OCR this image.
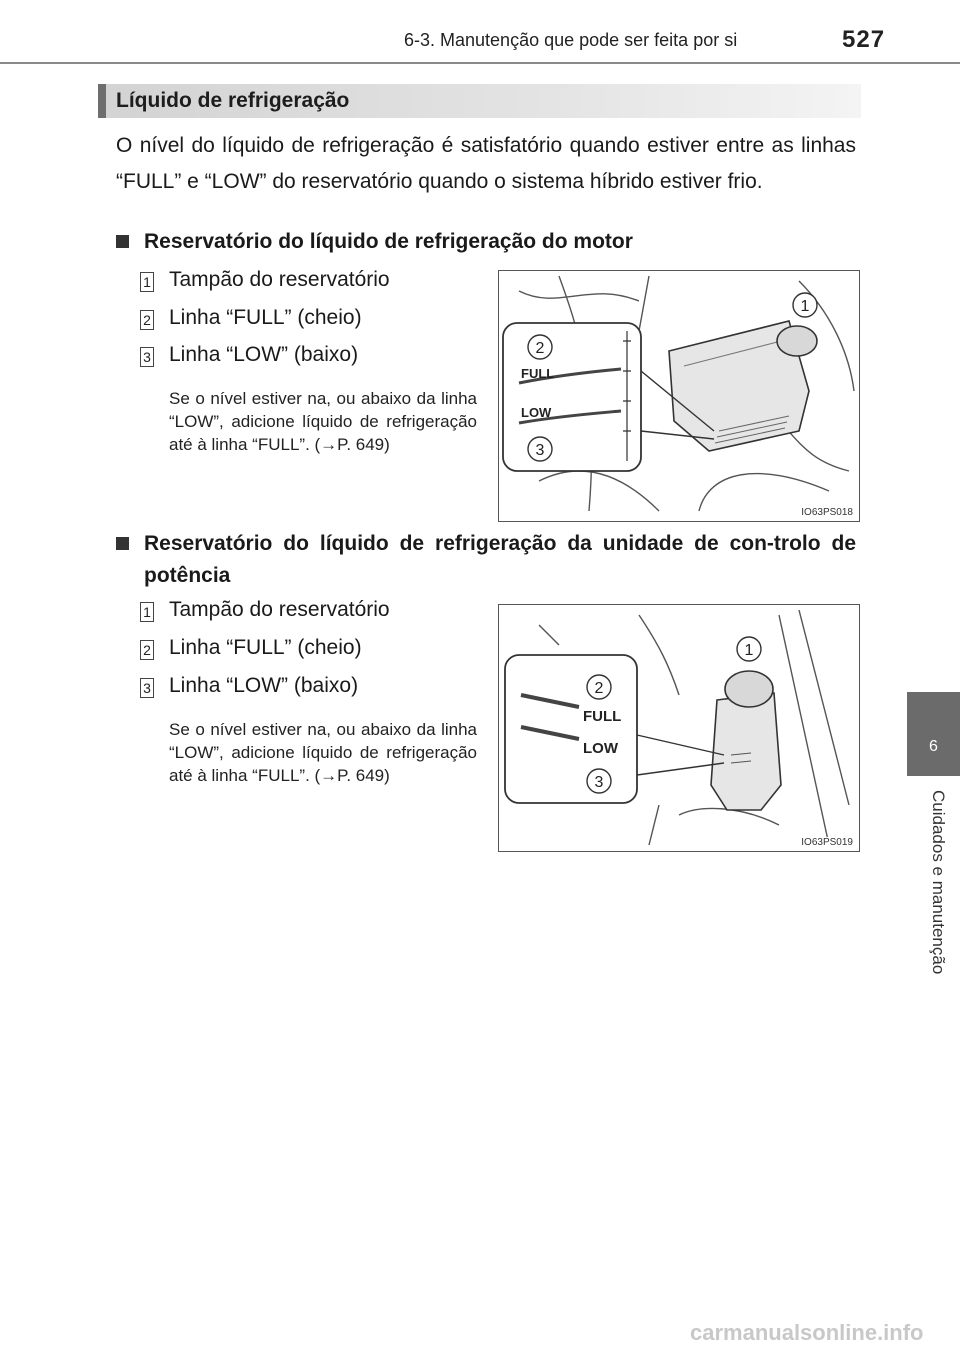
6-3. Manutenção que pode ser feita por si	527
Líquido de refrigeração
O nível do líquido de refrigeração é satisfatório quando estiver entre as linhas “FULL” e “LOW” do reservatório quando o sistema híbrido estiver frio.
Reservatório do líquido de refrigeração do motor
1 Tampão do reservatório
2 Linha “FULL” (cheio)
3 Linha “LOW” (baixo)
Se o nível estiver na, ou abaixo da linha “LOW”, adicione líquido de refrigeração até à linha “FULL”. (→P. 649)
1
2
3
FULL
LOW
IO63PS018
Reservatório do líquido de refrigeração da unidade de con-trolo de potência
1 Tampão do reservatório
2 Linha “FULL” (cheio)
3 Linha “LOW” (baixo)
Se o nível estiver na, ou abaixo da linha “LOW”, adicione líquido de refrigeração até à linha “FULL”. (→P. 649)
1
2
3
FULL
LOW
IO63PS019
6
Cuidados e manutenção
carmanualsonline.info
